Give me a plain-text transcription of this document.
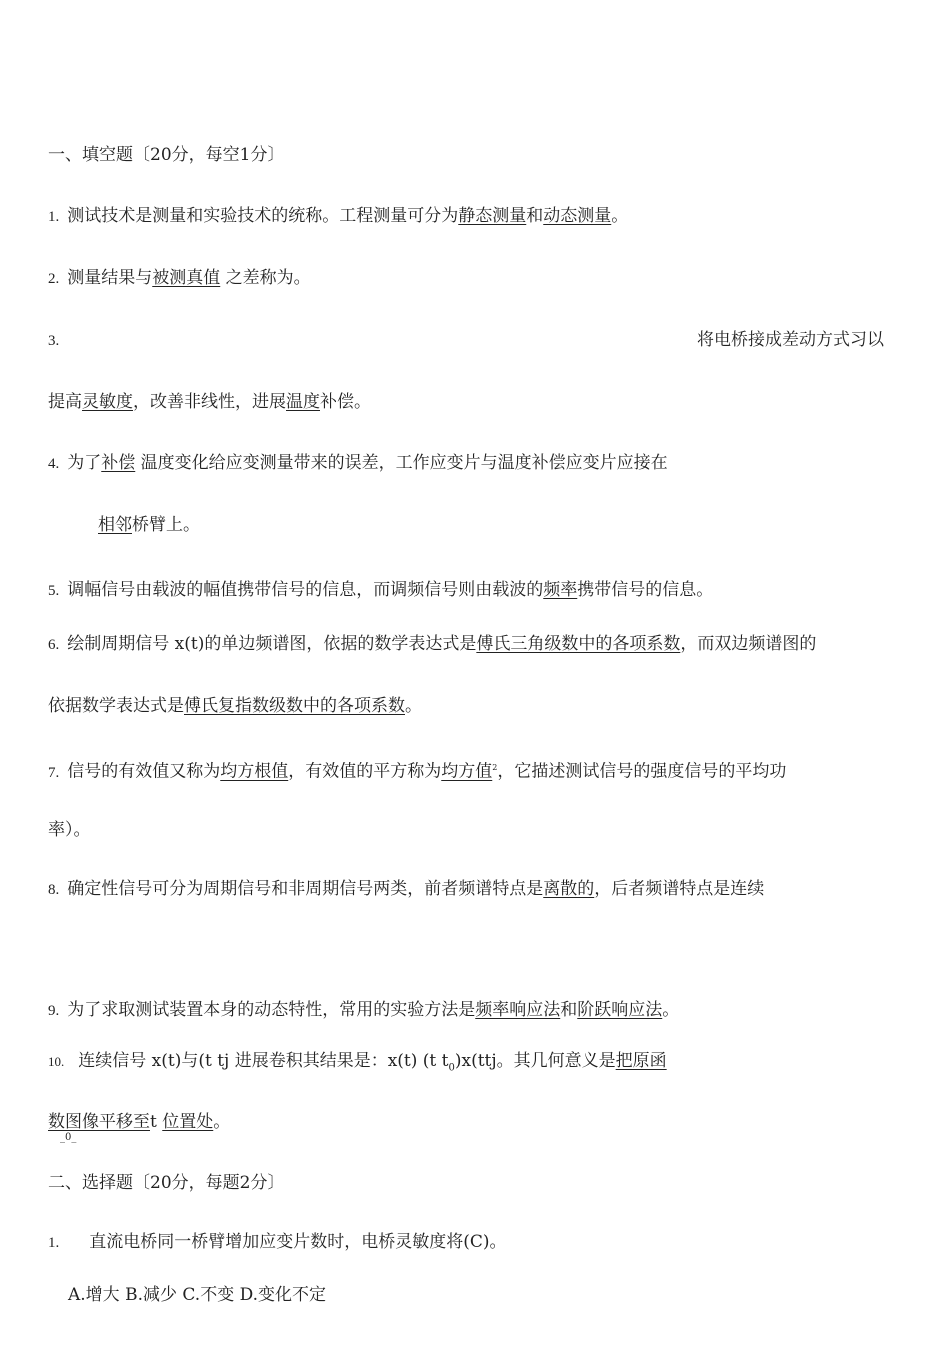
一、填空题〔20分，每空1分〕
1. 测试技术是测量和实验技术的统称。工程测量可分为静态测量和动态测量。
2. 测量结果与被测真值 之差称为。
3.	将电桥接成差动方式习以
提高灵敏度，改善非线性，进展温度补偿。
4. 为了补偿 温度变化给应变测量带来的误差，工作应变片与温度补偿应变片应接在
相邻桥臂上。
5. 调幅信号由载波的幅值携带信号的信息，而调频信号则由载波的频率携带信号的信息。
6. 绘制周期信号 x(t)的单边频谱图，依据的数学表达式是傅氏三角级数中的各项系数，而双边频谱图的
依据数学表达式是傅氏复指数级数中的各项系数。
7. 信号的有效值又称为均方根值，有效值的平方称为均方值$^2$，它描述测试信号的强度信号的平均功
率）。
8. 确定性信号可分为周期信号和非周期信号两类，前者频谱特点是离散的，后者频谱特点是连续
9. 为了求取测试装置本身的动态特性，常用的实验方法是频率响应法和阶跃响应法。
10. 连续信号 x(t)与(t tj 进展卷积其结果是：x(t) (t $t_0)x(ttj$。其几何意义是把原函
数图像平移至t 位置处。
_0_
二、选择题〔20分，每题2分〕
1. 直流电桥同一桥臂增加应变片数时，电桥灵敏度将(C)。
A.增大 B.减少 C.不变 D.变化不定
